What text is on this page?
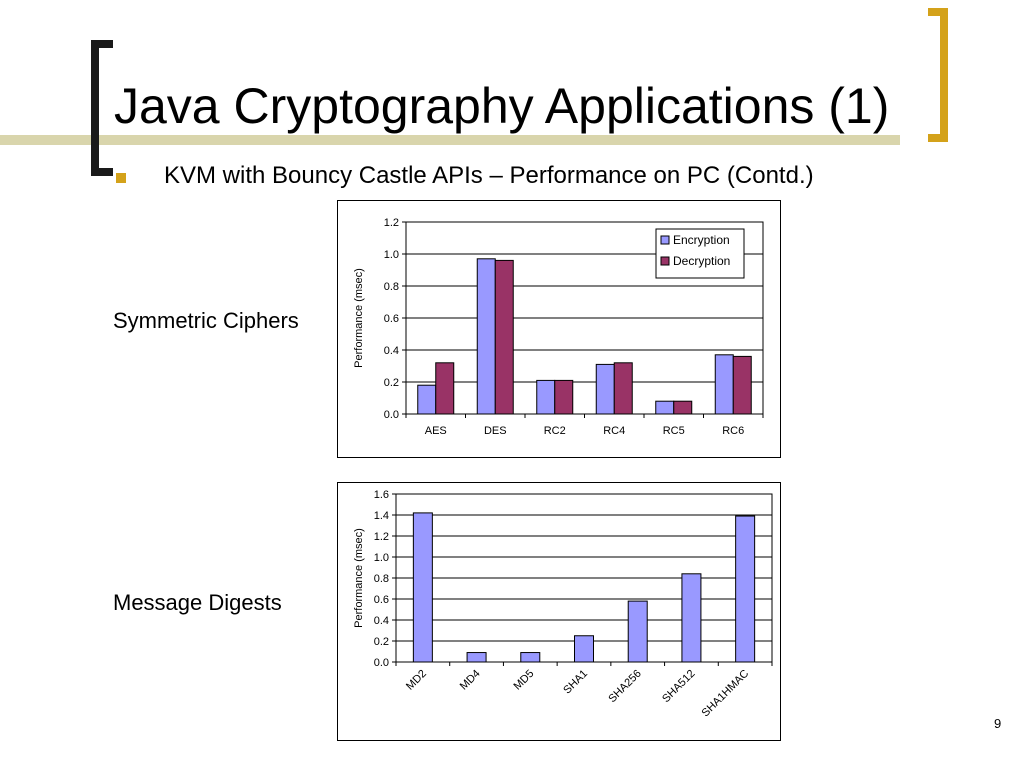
Java Cryptography Applications (1)
KVM with Bouncy Castle APIs – Performance on PC (Contd.)
Symmetric Ciphers
Message Digests
0.0
0.2
0.4
0.6
0.8
1.0
1.2
Performance (msec)
AES	DES	RC2	RC4	RC5	RC6
Encryption
Decryption
0.0
0.2
0.4
0.6
0.8
1.0
1.2
1.4
1.6
Performance (msec)
MD2	MD4	MD5 SHA1 SHA256 SHA512 SHA1HMAC
9
